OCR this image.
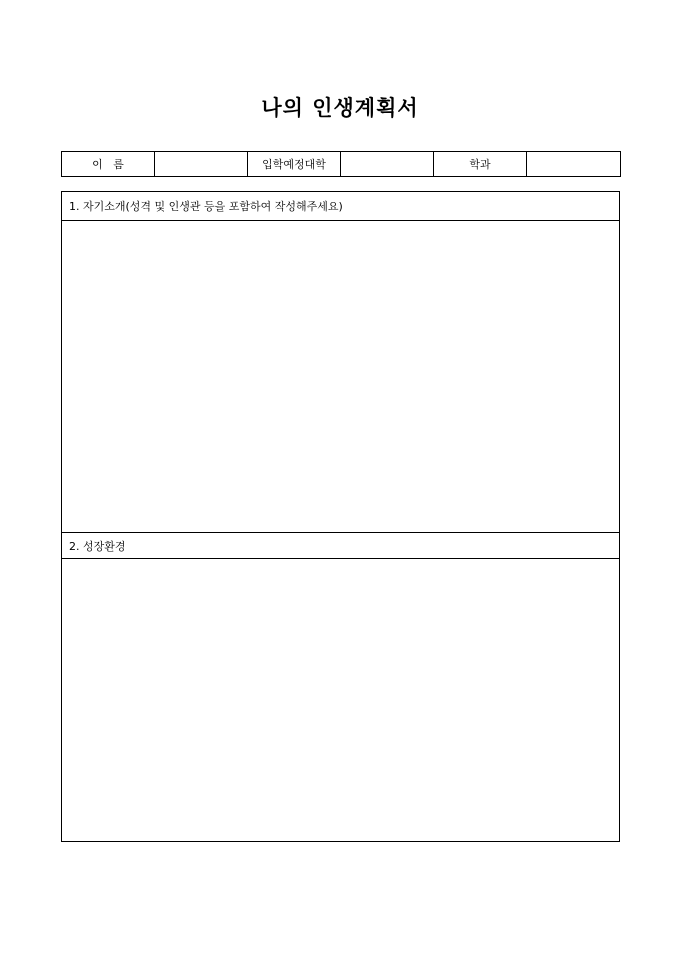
나의 인생계획서
이   름		입학예정대학		학과	
1. 자기소개(성격 및 인생관 등을 포함하여 작성해주세요)

2. 성장환경
